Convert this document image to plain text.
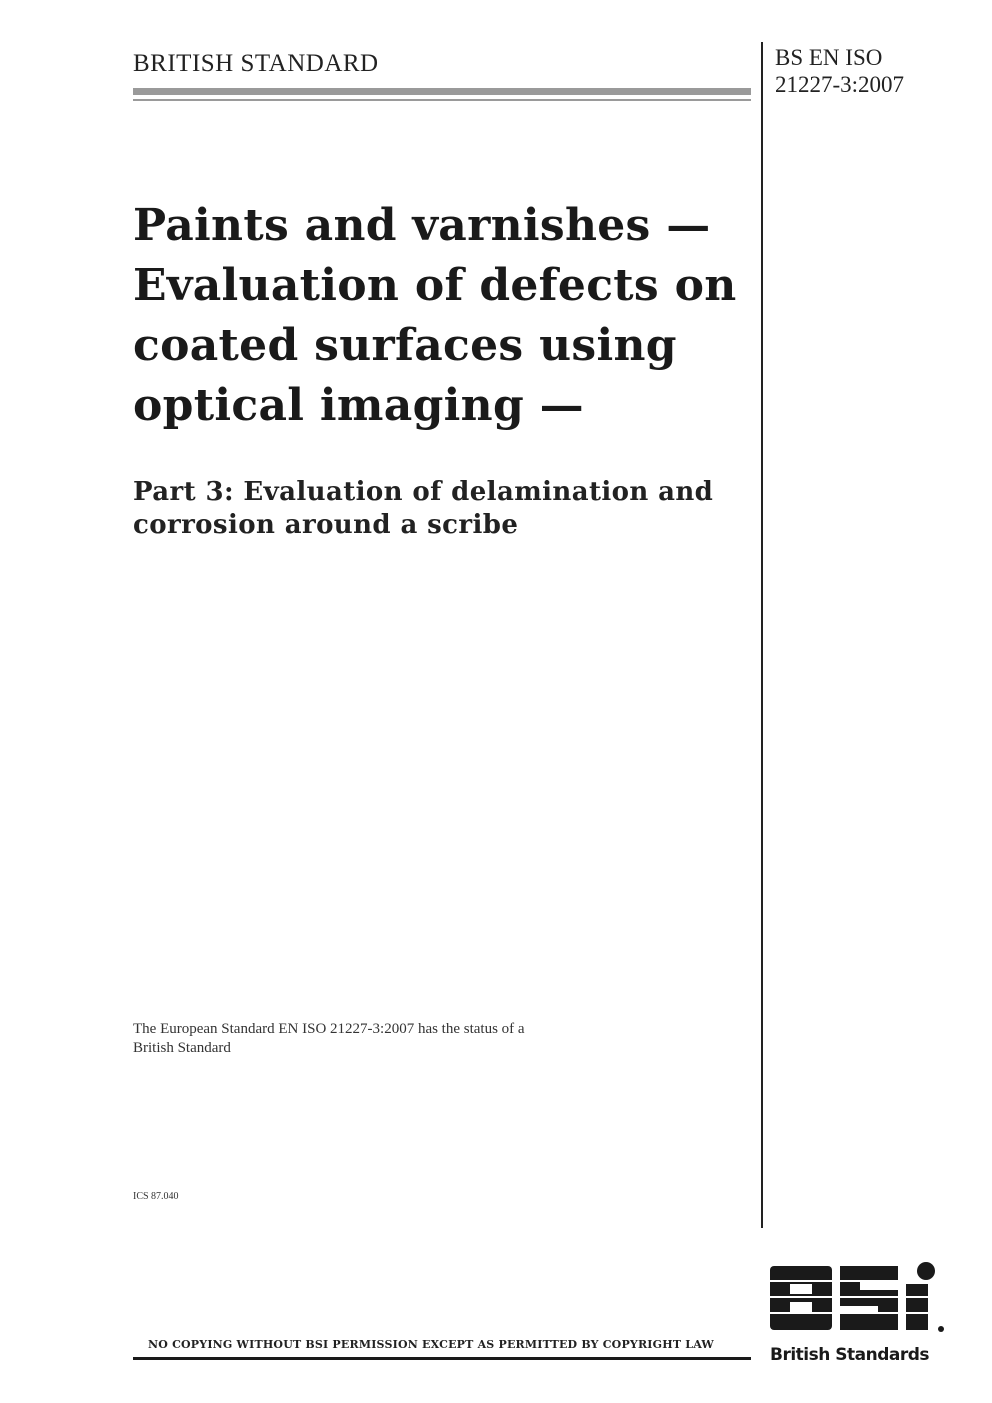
BRITISH STANDARD	BS EN ISO
21227-3:2007
Paints and varnishes —
Evaluation of defects on
coated surfaces using
optical imaging —
Part 3: Evaluation of delamination and
corrosion around a scribe
The European Standard EN ISO 21227-3:2007 has the status of a
British Standard
ICS 87.040
NO COPYING WITHOUT BSI PERMISSION EXCEPT AS PERMITTED BY COPYRIGHT LAW
British Standards
